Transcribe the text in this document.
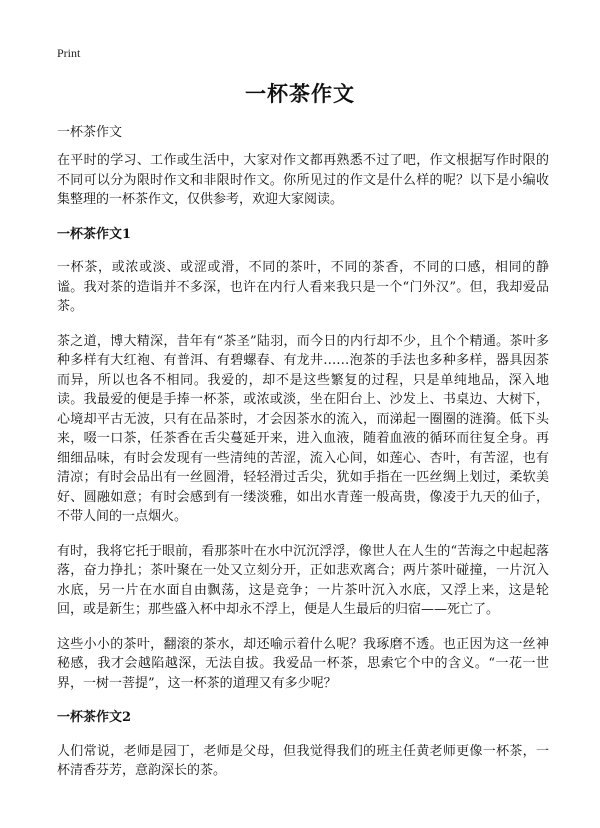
Print
一杯茶作文
一杯茶作文

在平时的学习、工作或生活中，大家对作文都再熟悉不过了吧，作文根据写作时限的不同可以分为限时作文和非限时作文。你所见过的作文是什么样的呢？以下是小编收集整理的一杯茶作文，仅供参考，欢迎大家阅读。

一杯茶作文1

一杯茶，或浓或淡、或涩或滑，不同的茶叶，不同的茶香，不同的口感，相同的静谧。我对茶的造诣并不多深，也许在内行人看来我只是一个“门外汉”。但，我却爱品茶。

茶之道，博大精深，昔年有“茶圣”陆羽，而今日的内行却不少，且个个精通。茶叶多种多样有大红袍、有普洱、有碧螺春、有龙井……泡茶的手法也多种多样，器具因茶而异，所以也各不相同。我爱的，却不是这些繁复的过程，只是单纯地品，深入地读。我最爱的便是手捧一杯茶，或浓或淡，坐在阳台上、沙发上、书桌边、大树下，心境却平古无波，只有在品茶时，才会因茶水的流入，而涕起一圈圈的涟漪。低下头来，啜一口茶，任茶香在舌尖蔓延开来，进入血液，随着血液的循环而往复全身。再细细品味，有时会发现有一些清纯的苦涩，流入心间，如莲心、杏叶，有苦涩，也有清凉；有时会品出有一丝圆滑，轻轻滑过舌尖，犹如手指在一匹丝绸上划过，柔软美好、圆融如意；有时会感到有一缕淡雅，如出水青莲一般高贵，像凌于九天的仙子，不带人间的一点烟火。

有时，我将它托于眼前，看那茶叶在水中沉沉浮浮，像世人在人生的“苦海之中起起落落，奋力挣扎；茶叶聚在一处又立刻分开，正如悲欢离合；两片茶叶碰撞，一片沉入水底，另一片在水面自由飘荡，这是竞争；一片茶叶沉入水底，又浮上来，这是轮回，或是新生；那些盛入杯中却永不浮上，便是人生最后的归宿——死亡了。

这些小小的茶叶，翻滚的茶水，却还喻示着什么呢？我琢磨不透。也正因为这一丝神秘感，我才会越陷越深，无法自拔。我爱品一杯茶，思索它个中的含义。“一花一世界，一树一菩提”，这一杯茶的道理又有多少呢？

一杯茶作文2

人们常说，老师是园丁，老师是父母，但我觉得我们的班主任黄老师更像一杯茶，一杯清香芬芳，意韵深长的茶。
